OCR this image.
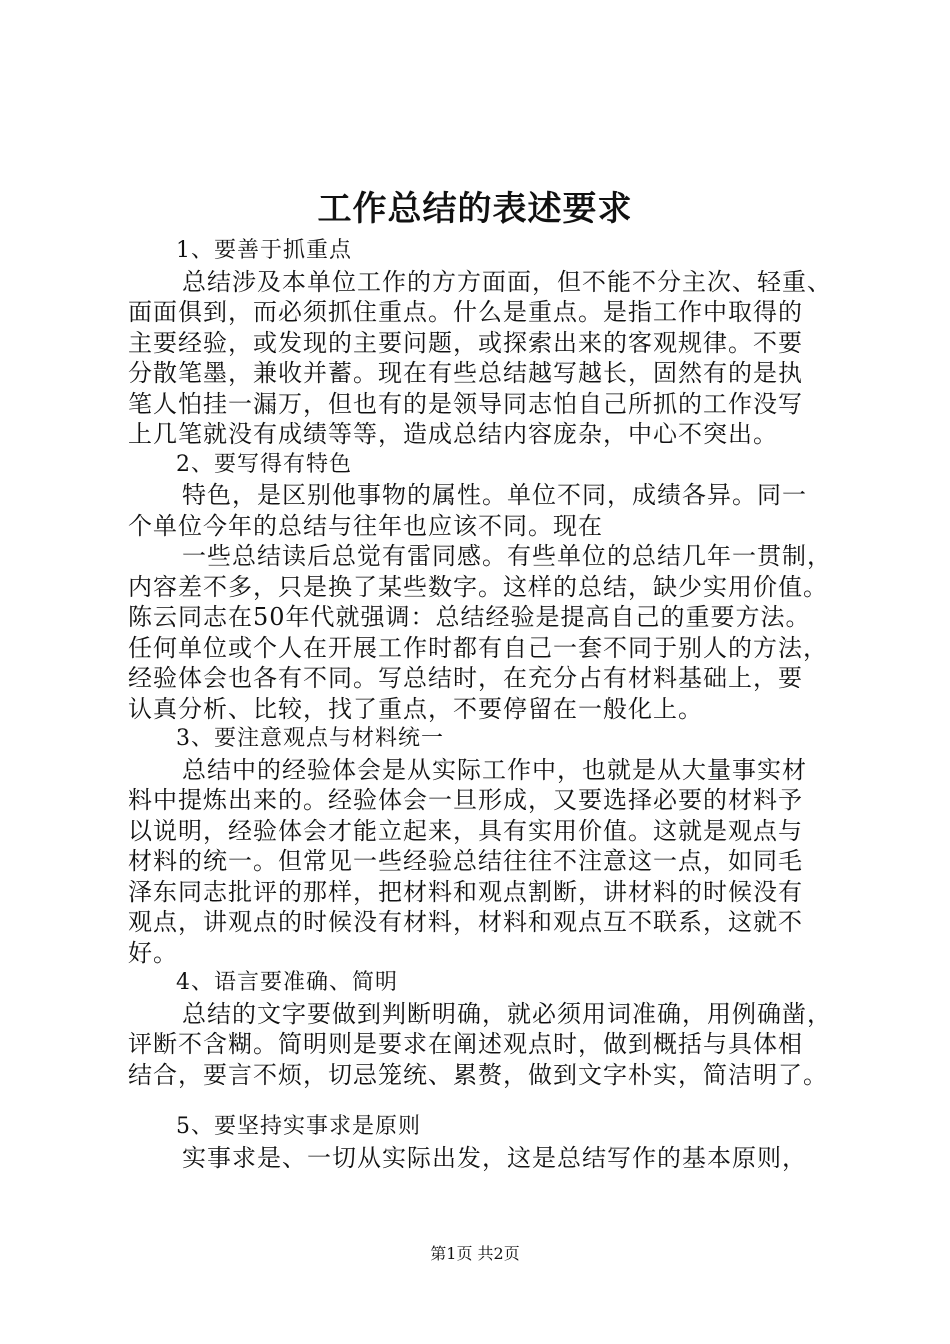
工作总结的表述要求
1、要善于抓重点
总结涉及本单位工作的方方面面，但不能不分主次、轻重、
面面俱到，而必须抓住重点。什么是重点。是指工作中取得的
主要经验，或发现的主要问题，或探索出来的客观规律。不要
分散笔墨，兼收并蓄。现在有些总结越写越长，固然有的是执
笔人怕挂一漏万，但也有的是领导同志怕自己所抓的工作没写
上几笔就没有成绩等等，造成总结内容庞杂，中心不突出。
2、要写得有特色
特色，是区别他事物的属性。单位不同，成绩各异。同一
个单位今年的总结与往年也应该不同。现在
一些总结读后总觉有雷同感。有些单位的总结几年一贯制，
内容差不多，只是换了某些数字。这样的总结，缺少实用价值。
陈云同志在50年代就强调：总结经验是提高自己的重要方法。
任何单位或个人在开展工作时都有自己一套不同于别人的方法，
经验体会也各有不同。写总结时，在充分占有材料基础上，要
认真分析、比较，找了重点，不要停留在一般化上。
3、要注意观点与材料统一
总结中的经验体会是从实际工作中，也就是从大量事实材
料中提炼出来的。经验体会一旦形成，又要选择必要的材料予
以说明，经验体会才能立起来，具有实用价值。这就是观点与
材料的统一。但常见一些经验总结往往不注意这一点，如同毛
泽东同志批评的那样，把材料和观点割断，讲材料的时候没有
观点，讲观点的时候没有材料，材料和观点互不联系，这就不
好。
4、语言要准确、简明
总结的文字要做到判断明确，就必须用词准确，用例确凿，
评断不含糊。简明则是要求在阐述观点时，做到概括与具体相
结合，要言不烦，切忌笼统、累赘，做到文字朴实，简洁明了。
5、要坚持实事求是原则
实事求是、一切从实际出发，这是总结写作的基本原则，
第1页 共2页
